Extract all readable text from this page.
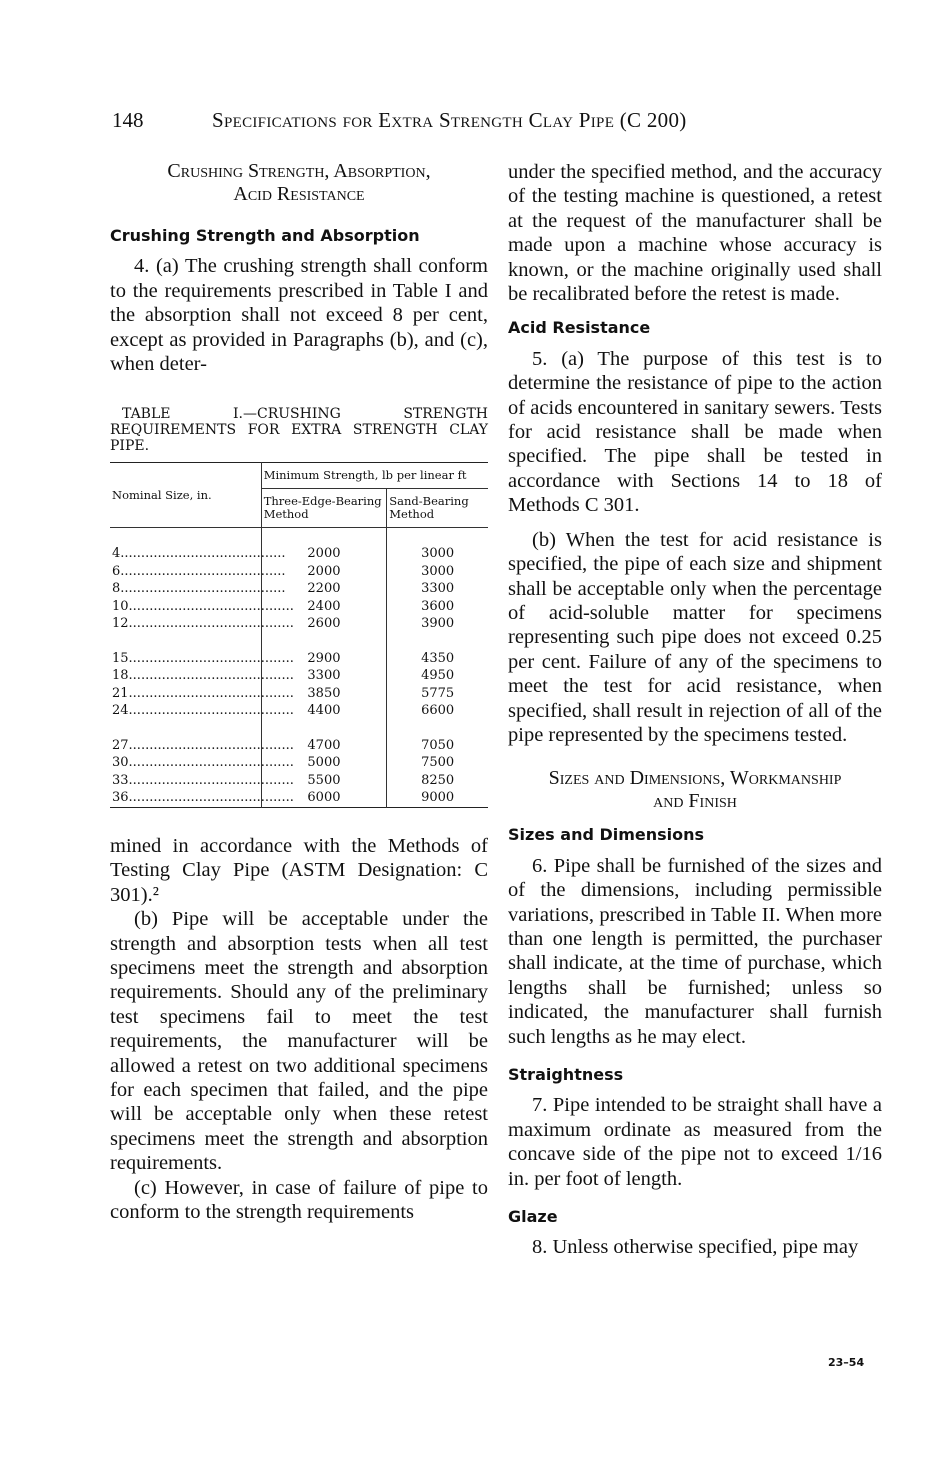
148	Specifications for Extra Strength Clay Pipe (C 200)
Crushing Strength, Absorption,
Acid Resistance
Crushing Strength and Absorption

4. (a) The crushing strength shall conform to the requirements prescribed in Table I and the absorption shall not exceed 8 per cent, except as provided in Paragraphs (b), and (c), when deter-

TABLE I.—CRUSHING STRENGTH REQUIREMENTS FOR EXTRA STRENGTH CLAY PIPE.
Nominal Size, in.	Minimum Strength, lb per linear ft	
	Three-Edge-Bearing Method	Sand-Bearing Method
4........................................	2000	3000
6........................................	2000	3000
8........................................	2200	3300
10........................................	2400	3600
12........................................	2600	3900
15........................................	2900	4350
18........................................	3300	4950
21........................................	3850	5775
24........................................	4400	6600
27........................................	4700	7050
30........................................	5000	7500
33........................................	5500	8250
36........................................	6000	9000

mined in accordance with the Methods of Testing Clay Pipe (ASTM Designation: C 301).²

(b) Pipe will be acceptable under the strength and absorption tests when all test specimens meet the strength and absorption requirements. Should any of the preliminary test specimens fail to meet the test requirements, the manufacturer will be allowed a retest on two additional specimens for each specimen that failed, and the pipe will be acceptable only when these retest specimens meet the strength and absorption requirements.

(c) However, in case of failure of pipe to conform to the strength requirements

under the specified method, and the accuracy of the testing machine is questioned, a retest at the request of the manufacturer shall be made upon a machine whose accuracy is known, or the machine originally used shall be recalibrated before the retest is made.

Acid Resistance

5. (a) The purpose of this test is to determine the resistance of pipe to the action of acids encountered in sanitary sewers. Tests for acid resistance shall be made when specified. The pipe shall be tested in accordance with Sections 14 to 18 of Methods C 301.

(b) When the test for acid resistance is specified, the pipe of each size and shipment shall be acceptable only when the percentage of acid-soluble matter for specimens representing such pipe does not exceed 0.25 per cent. Failure of any of the specimens to meet the test for acid resistance, when specified, shall result in rejection of all of the pipe represented by the specimens tested.

Sizes and Dimensions, Workmanship
and Finish
Sizes and Dimensions

6. Pipe shall be furnished of the sizes and of the dimensions, including permissible variations, prescribed in Table II. When more than one length is permitted, the purchaser shall indicate, at the time of purchase, which lengths shall be furnished; unless so indicated, the manufacturer shall furnish such lengths as he may elect.

Straightness

7. Pipe intended to be straight shall have a maximum ordinate as measured from the concave side of the pipe not to exceed 1/16 in. per foot of length.

Glaze

8. Unless otherwise specified, pipe may

23–54
